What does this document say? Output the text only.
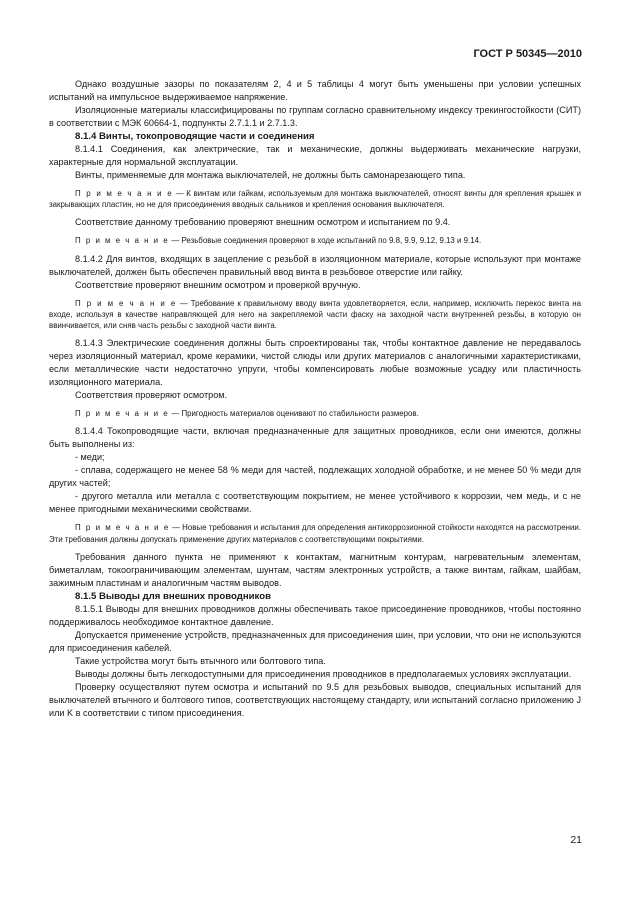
ГОСТ Р 50345—2010

Однако воздушные зазоры по показателям 2, 4 и 5 таблицы 4 могут быть уменьшены при условии успешных испытаний на импульсное выдерживаемое напряжение.

Изоляционные материалы классифицированы по группам согласно сравнительному индексу трекингостойкости (СИТ) в соответствии с МЭК 60664-1, подпункты 2.7.1.1 и 2.7.1.3.

8.1.4 Винты, токопроводящие части и соединения

8.1.4.1 Соединения, как электрические, так и механические, должны выдерживать механические нагрузки, характерные для нормальной эксплуатации.

Винты, применяемые для монтажа выключателей, не должны быть самонарезающего типа.

П р и м е ч а н и е — К винтам или гайкам, используемым для монтажа выключателей, относят винты для крепления крышек и закрывающих пластин, но не для присоединения вводных сальников и крепления основания выключателя.

Соответствие данному требованию проверяют внешним осмотром и испытанием по 9.4.

П р и м е ч а н и е — Резьбовые соединения проверяют в ходе испытаний по 9.8, 9.9, 9.12, 9.13 и 9.14.

8.1.4.2 Для винтов, входящих в зацепление с резьбой в изоляционном материале, которые используют при монтаже выключателей, должен быть обеспечен правильный ввод винта в резьбовое отверстие или гайку.

Соответствие проверяют внешним осмотром и проверкой вручную.

П р и м е ч а н и е — Требование к правильному вводу винта удовлетворяется, если, например, исключить перекос винта на входе, используя в качестве направляющей для него на закрепляемой части фаску на заходной части внутренней резьбы, в которую он ввинчивается, или сняв часть резьбы с заходной части винта.

8.1.4.3 Электрические соединения должны быть спроектированы так, чтобы контактное давление не передавалось через изоляционный материал, кроме керамики, чистой слюды или других материалов с аналогичными характеристиками, если металлические части недостаточно упруги, чтобы компенсировать любые возможные усадку или пластичность изоляционного материала.

Соответствия проверяют осмотром.

П р и м е ч а н и е — Пригодность материалов оценивают по стабильности размеров.

8.1.4.4 Токопроводящие части, включая предназначенные для защитных проводников, если они имеются, должны быть выполнены из:

- меди;

- сплава, содержащего не менее 58 % меди для частей, подлежащих холодной обработке, и не менее 50 % меди для других частей;

- другого металла или металла с соответствующим покрытием, не менее устойчивого к коррозии, чем медь, и с не менее пригодными механическими свойствами.

П р и м е ч а н и е — Новые требования и испытания для определения антикоррозионной стойкости находятся на рассмотрении. Эти требования должны допускать применение других материалов с соответствующими покрытиями.

Требования данного пункта не применяют к контактам, магнитным контурам, нагревательным элементам, биметаллам, токоограничивающим элементам, шунтам, частям электронных устройств, а также винтам, гайкам, шайбам, зажимным пластинам и аналогичным частям выводов.

8.1.5 Выводы для внешних проводников

8.1.5.1 Выводы для внешних проводников должны обеспечивать такое присоединение проводников, чтобы постоянно поддерживалось необходимое контактное давление.

Допускается применение устройств, предназначенных для присоединения шин, при условии, что они не используются для присоединения кабелей.

Такие устройства могут быть втычного или болтового типа.

Выводы должны быть легкодоступными для присоединения проводников в предполагаемых условиях эксплуатации.

Проверку осуществляют путем осмотра и испытаний по 9.5 для резьбовых выводов, специальных испытаний для выключателей втычного и болтового типов, соответствующих настоящему стандарту, или испытаний согласно приложению J или K в соответствии с типом присоединения.

21
